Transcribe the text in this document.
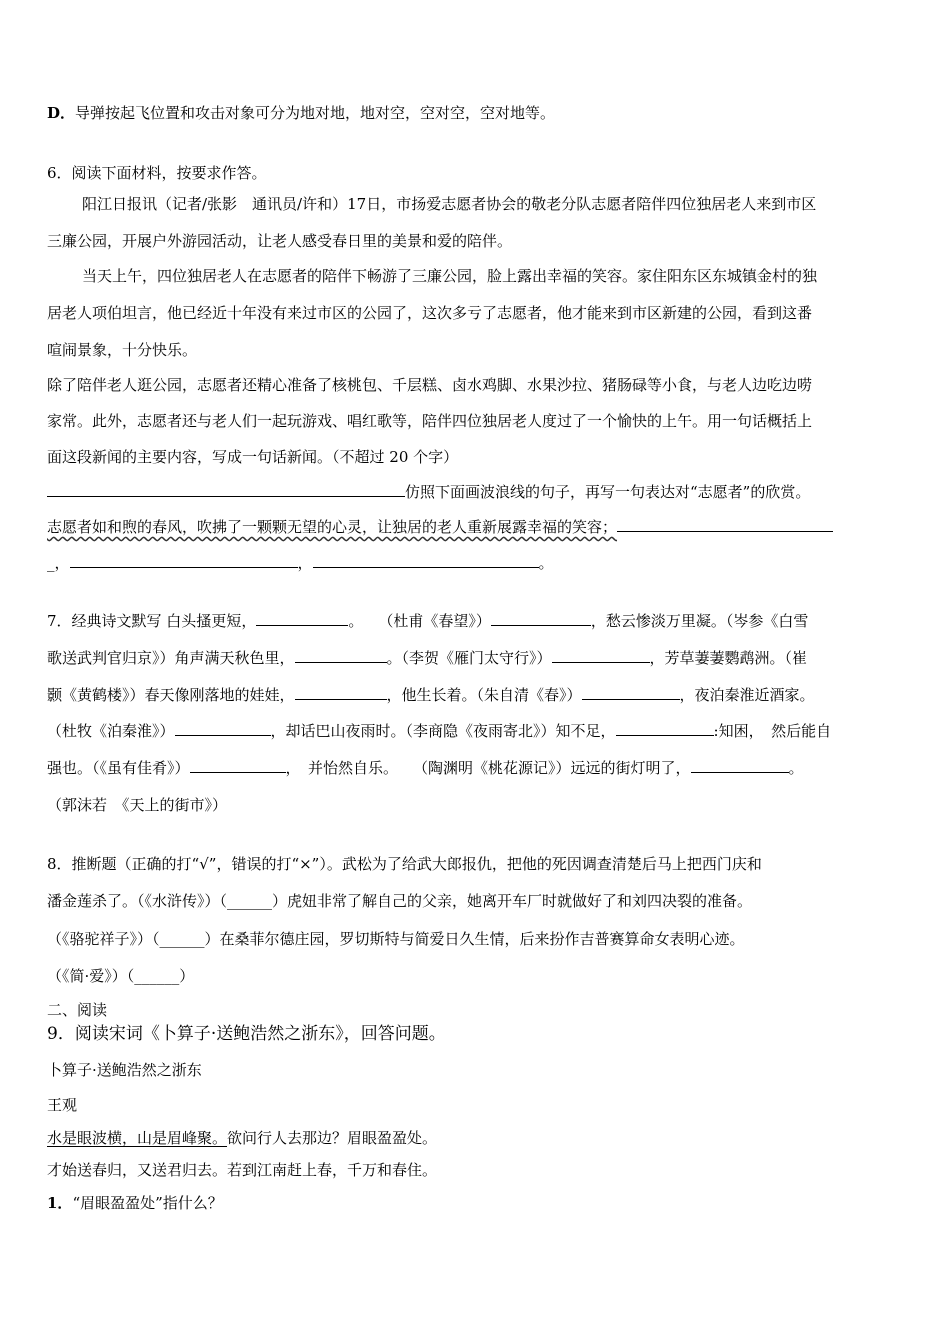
D．导弹按起飞位置和攻击对象可分为地对地，地对空，空对空，空对地等。
6．阅读下面材料，按要求作答。
阳江日报讯（记者/张影　通讯员/许和）17日，市扬爱志愿者协会的敬老分队志愿者陪伴四位独居老人来到市区
三廉公园，开展户外游园活动，让老人感受春日里的美景和爱的陪伴。
当天上午，四位独居老人在志愿者的陪伴下畅游了三廉公园，脸上露出幸福的笑容。家住阳东区东城镇金村的独
居老人项伯坦言，他已经近十年没有来过市区的公园了，这次多亏了志愿者，他才能来到市区新建的公园，看到这番
喧闹景象，十分快乐。
除了陪伴老人逛公园，志愿者还精心准备了核桃包、千层糕、卤水鸡脚、水果沙拉、猪肠碌等小食，与老人边吃边唠
家常。此外，志愿者还与老人们一起玩游戏、唱红歌等，陪伴四位独居老人度过了一个愉快的上午。用一句话概括上
面这段新闻的主要内容，写成一句话新闻。（不超过 20 个字）
仿照下面画波浪线的句子，再写一句表达对“志愿者”的欣赏。
志愿者如和煦的春风，吹拂了一颗颗无望的心灵，让独居的老人重新展露幸福的笑容；
_，	，	。
7．经典诗文默写 白头搔更短，	。　　（杜甫《春望》）	，愁云惨淡万里凝。（岑参《白雪
歌送武判官归京》）角声满天秋色里，	。（李贺《雁门太守行》）	，芳草萋萋鹦鹉洲。（崔
颢《黄鹤楼》）春天像刚落地的娃娃，	，他生长着。（朱自清《春》）	，夜泊秦淮近酒家。
（杜牧《泊秦淮》）	，却话巴山夜雨时。（李商隐《夜雨寄北》）知不足，	:知困，　然后能自
强也。（《虽有佳肴》）	，　并怡然自乐。　　（陶渊明《桃花源记》）远远的街灯明了，	。
（郭沫若　《天上的街市》）
8．推断题（正确的打“√”，错误的打“×”）。武松为了给武大郎报仇，把他的死因调查清楚后马上把西门庆和
潘金莲杀了。（《水浒传》）（______）虎妞非常了解自己的父亲，她离开车厂时就做好了和刘四决裂的准备。
（《骆驼祥子》）（______）在桑菲尔德庄园，罗切斯特与简爱日久生情，后来扮作吉普赛算命女表明心迹。
（《简·爱》）（______）
二、阅读
9．阅读宋词《卜算子·送鲍浩然之浙东》，回答问题。
卜算子·送鲍浩然之浙东
王观
水是眼波横，山是眉峰聚。欲问行人去那边？眉眼盈盈处。
才始送春归，又送君归去。若到江南赶上春，千万和春住。
1．“眉眼盈盈处”指什么？
